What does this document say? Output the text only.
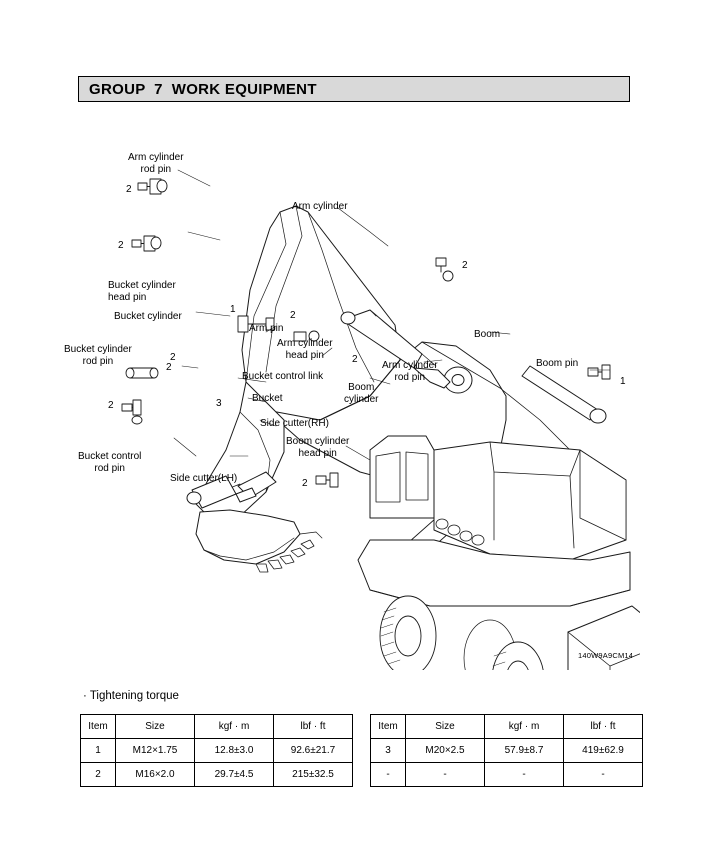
GROUP  7  WORK EQUIPMENT
Arm cylinder
rod pin
Arm cylinder
Bucket cylinder
head pin
Bucket cylinder
Bucket cylinder
rod pin
Arm pin
Arm cylinder
head pin
Arm cylinder
rod pin
Boom
Boom pin
Bucket control link
Bucket
Boom
cylinder
Side cutter(RH)
Boom cylinder
head pin
Bucket control
rod pin
Side cutter(LH)
2
2
2
2
1
2
2
2
1
3
2
2
140W9A9CM14
· Tightening torque
Item	Size	kgf · m	lbf · ft
1	M12×1.75	12.8±3.0	92.6±21.7
2	M16×2.0	29.7±4.5	215±32.5
Item	Size	kgf · m	lbf · ft
3	M20×2.5	57.9±8.7	419±62.9
-	-	-	-
